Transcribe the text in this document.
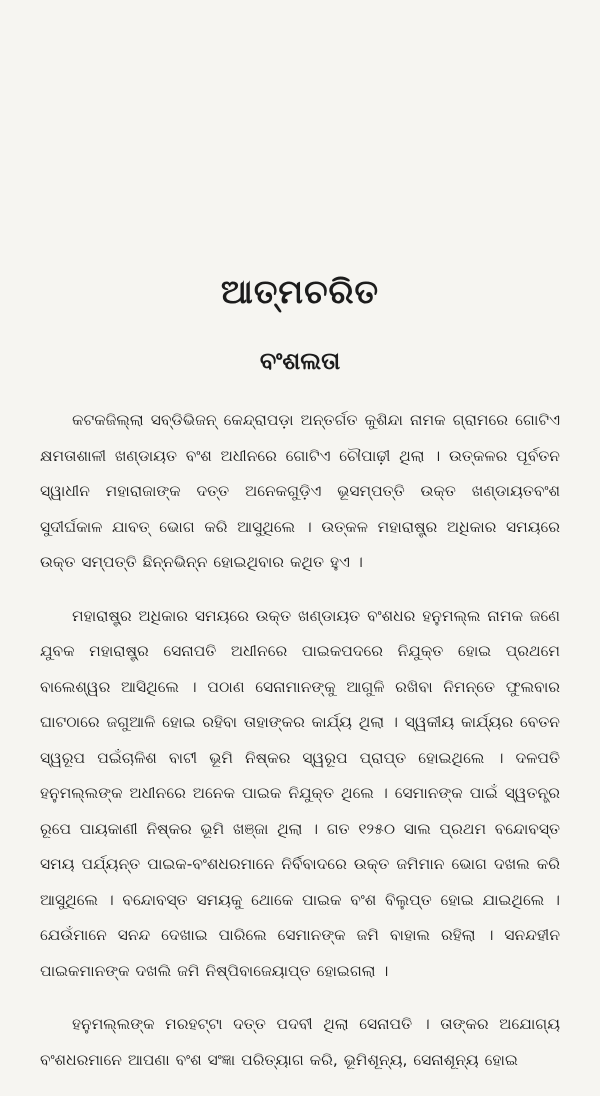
ଆତ୍ମଚରିତ
ବଂଶଲତା

କଟକଜିଲ୍ଲା ସବ୍‌ଡିଭିଜନ୍ କେନ୍ଦ୍ରାପଡ଼ା ଅନ୍ତର୍ଗତ କୁଶିନ୍ଦା ନାମକ ଗ୍ରାମରେ ଗୋଟିଏ କ୍ଷମତାଶାଳୀ ଖଣ୍ଡାୟତ ବଂଶ ଅଧୀନରେ ଗୋଟିଏ ଚୌପାଢ଼ୀ ଥିଲା । ଉତ୍କଳର ପୂର୍ବତନ ସ୍ୱାଧୀନ ମହାରାଜାଙ୍କ ଦତ୍ତ ଅନେକଗୁଡ଼ିଏ ଭୂସମ୍ପତ୍ତି ଉକ୍ତ ଖଣ୍ଡାୟତବଂଶ ସୁଦୀର୍ଘକାଳ ଯାବତ୍ ଭୋଗ କରି ଆସୁଥିଲେ । ଉତ୍କଳ ମହାରାଷ୍ଟ୍ର ଅଧିକାର ସମୟରେ ଉକ୍ତ ସମ୍ପତ୍ତି ଛିନ୍ନଭିନ୍ନ ହୋଇଥିବାର କଥିତ ହୁଏ ।

ମହାରାଷ୍ଟ୍ର ଅଧିକାର ସମୟରେ ଉକ୍ତ ଖଣ୍ଡାୟତ ବଂଶଧର ହନୁମଲ୍ଲ ନାମକ ଜଣେ ଯୁବକ ମହାରାଷ୍ଟ୍ର ସେନାପତି ଅଧୀନରେ ପାଇକପଦରେ ନିଯୁକ୍ତ ହୋଇ ପ୍ରଥମେ ବାଲେଶ୍ୱର ଆସିଥିଲେ । ପଠାଣ ସେନାମାନଙ୍କୁ ଆଗୁଳି ରଖିବା ନିମନ୍ତେ ଫୁଲବାର ଘାଟଠାରେ ଜଗୁଆଳି ହୋଇ ରହିବା ତାହାଙ୍କର କାର୍ଯ୍ୟ ଥିଲା । ସ୍ୱକୀୟ କାର୍ଯ୍ୟର ବେତନ ସ୍ୱରୂପ ପଇଁଚାଳିଶ ବାଟୀ ଭୂମି ନିଷ୍କର ସ୍ୱରୂପ ପ୍ରାପ୍ତ ହୋଇଥିଲେ । ଦଳପତି ହନୁମଲ୍ଲଙ୍କ ଅଧୀନରେ ଅନେକ ପାଇକ ନିଯୁକ୍ତ ଥିଲେ । ସେମାନଙ୍କ ପାଇଁ ସ୍ୱତନ୍ତ୍ର ରୂପେ ପାୟକାଣୀ ନିଷ୍କର ଭୂମି ଖଞ୍ଜା ଥିଲା । ଗତ ୧୨୫୦ ସାଲ ପ୍ରଥମ ବନ୍ଦୋବସ୍ତ ସମୟ ପର୍ଯ୍ୟନ୍ତ ପାଇକ-ବଂଶଧରମାନେ ନିର୍ବିବାଦରେ ଉକ୍ତ ଜମିମାନ ଭୋଗ ଦଖଲ କରି ଆସୁଥିଲେ । ବନ୍ଦୋବସ୍ତ ସମୟକୁ ଥୋକେ ପାଇକ ବଂଶ ବିଲୁପ୍ତ ହୋଇ ଯାଇଥିଲେ । ଯେଉଁମାନେ ସନନ୍ଦ ଦେଖାଇ ପାରିଲେ ସେମାନଙ୍କ ଜମି ବାହାଲ ରହିଲା । ସନନ୍ଦହୀନ ପାଇକମାନଙ୍କ ଦଖଲି ଜମି ନିଷ୍ପିବାଜେୟାପ୍ତ ହୋଇଗଲା ।

ହନୁମଲ୍ଲଙ୍କ ମରହଟ୍ଟା ଦତ୍ତ ପଦବୀ ଥିଲା ସେନାପତି । ତାଙ୍କର ଅଯୋଗ୍ୟ ବଂଶଧରମାନେ ଆପଣା ବଂଶ ସଂଜ୍ଞା ପରିତ୍ୟାଗ କରି, ଭୂମିଶୂନ୍ୟ, ସେନାଶୂନ୍ୟ ହୋଇ
